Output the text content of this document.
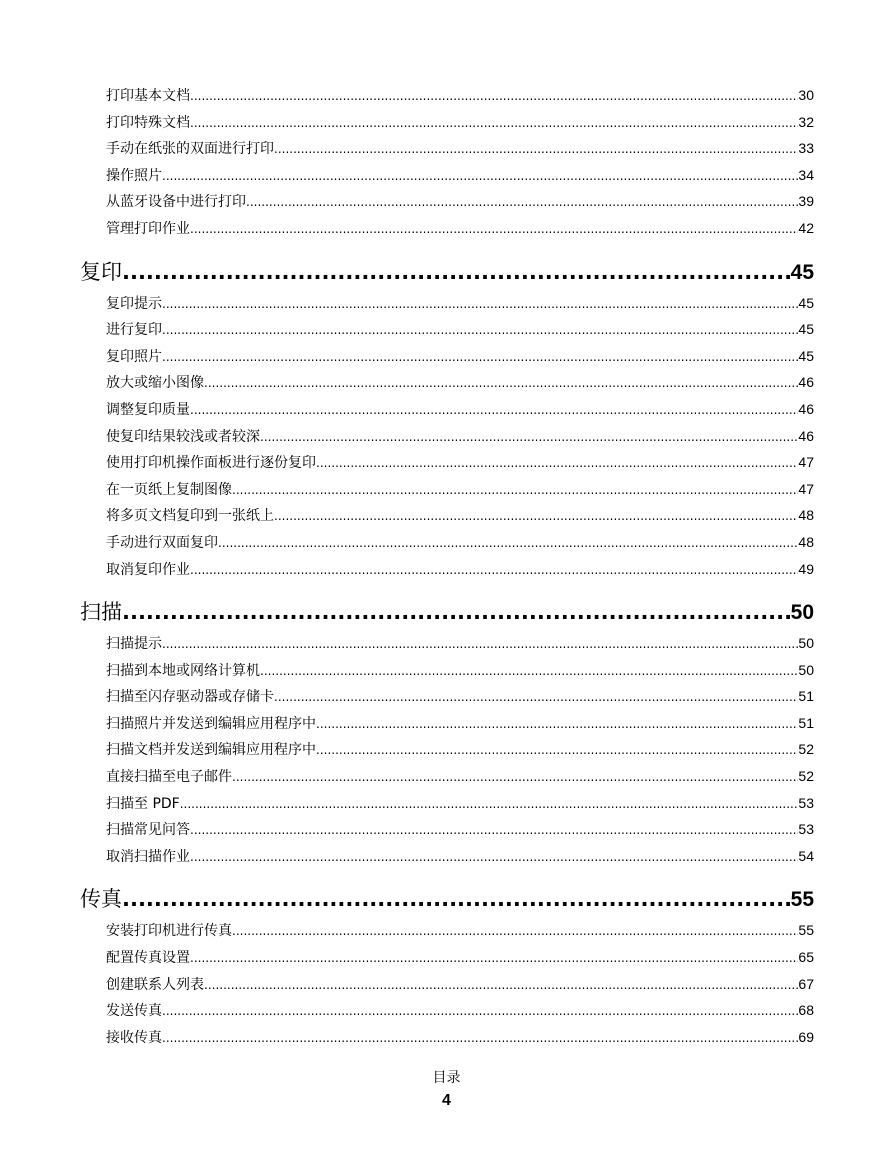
打印基本文档 .....	30
打印特殊文档 .....	32
手动在纸张的双面进行打印 .....	33
操作照片 .....	34
从蓝牙设备中进行打印 .....	39
管理打印作业 .....	42
复印 .....	45
复印提示 .....	45
进行复印 .....	45
复印照片 .....	45
放大或缩小图像 .....	46
调整复印质量 .....	46
使复印结果较浅或者较深 .....	46
使用打印机操作面板进行逐份复印 .....	47
在一页纸上复制图像 .....	47
将多页文档复印到一张纸上 .....	48
手动进行双面复印 .....	48
取消复印作业 .....	49
扫描 .....	50
扫描提示 .....	50
扫描到本地或网络计算机 .....	50
扫描至闪存驱动器或存储卡 .....	51
扫描照片并发送到编辑应用程序中 .....	51
扫描文档并发送到编辑应用程序中 .....	52
直接扫描至电子邮件 .....	52
扫描至 PDF .....	53
扫描常见问答 .....	53
取消扫描作业 .....	54
传真 .....	55
安装打印机进行传真 .....	55
配置传真设置 .....	65
创建联系人列表 .....	67
发送传真 .....	68
接收传真 .....	69
目录
4
